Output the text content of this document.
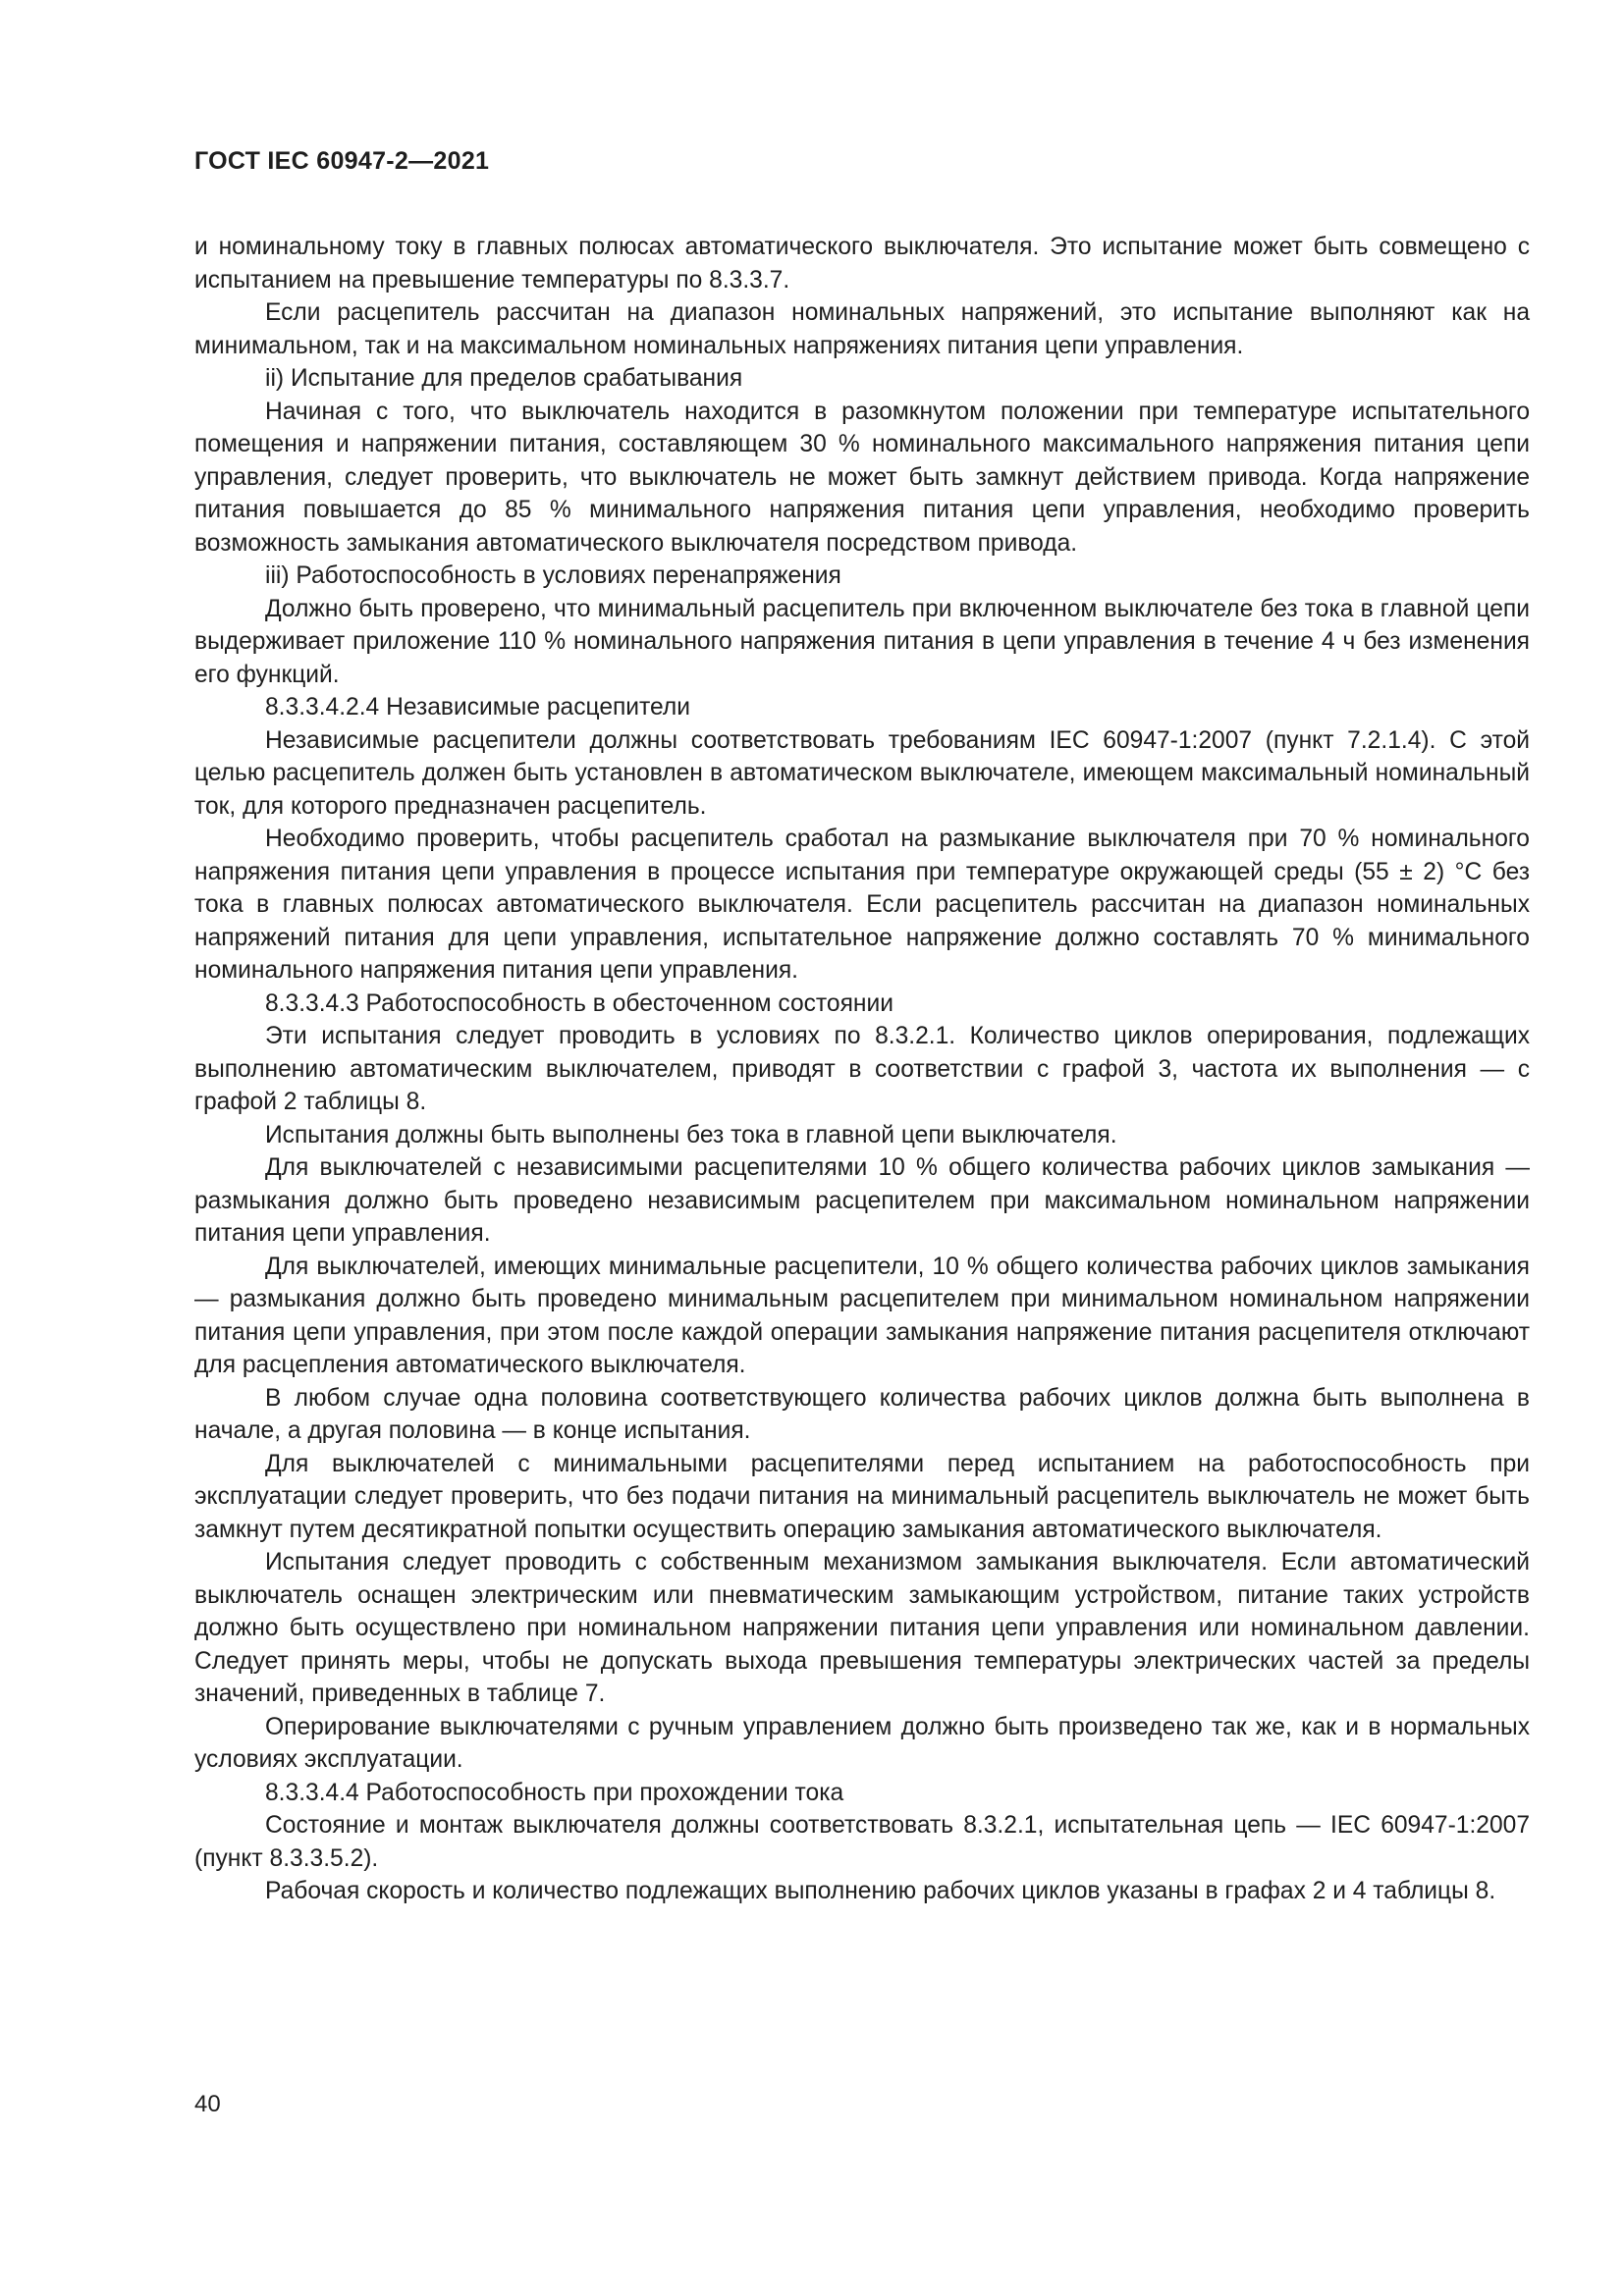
ГОСТ IEC 60947-2—2021

и номинальному току в главных полюсах автоматического выключателя. Это испытание может быть совмещено с испытанием на превышение температуры по 8.3.3.7.

Если расцепитель рассчитан на диапазон номинальных напряжений, это испытание выполняют как на минимальном, так и на максимальном номинальных напряжениях питания цепи управления.

ii) Испытание для пределов срабатывания

Начиная с того, что выключатель находится в разомкнутом положении при температуре испытательного помещения и напряжении питания, составляющем 30 % номинального максимального напряжения питания цепи управления, следует проверить, что выключатель не может быть замкнут действием привода. Когда напряжение питания повышается до 85 % минимального напряжения питания цепи управления, необходимо проверить возможность замыкания автоматического выключателя посредством привода.

iii) Работоспособность в условиях перенапряжения

Должно быть проверено, что минимальный расцепитель при включенном выключателе без тока в главной цепи выдерживает приложение 110 % номинального напряжения питания в цепи управления в течение 4 ч без изменения его функций.

8.3.3.4.2.4 Независимые расцепители

Независимые расцепители должны соответствовать требованиям IEC 60947-1:2007 (пункт 7.2.1.4). С этой целью расцепитель должен быть установлен в автоматическом выключателе, имеющем максимальный номинальный ток, для которого предназначен расцепитель.

Необходимо проверить, чтобы расцепитель сработал на размыкание выключателя при 70 % номинального напряжения питания цепи управления в процессе испытания при температуре окружающей среды (55 ± 2) °С без тока в главных полюсах автоматического выключателя. Если расцепитель рассчитан на диапазон номинальных напряжений питания для цепи управления, испытательное напряжение должно составлять 70 % минимального номинального напряжения питания цепи управления.

8.3.3.4.3 Работоспособность в обесточенном состоянии

Эти испытания следует проводить в условиях по 8.3.2.1. Количество циклов оперирования, подлежащих выполнению автоматическим выключателем, приводят в соответствии с графой 3, частота их выполнения — с графой 2 таблицы 8.

Испытания должны быть выполнены без тока в главной цепи выключателя.

Для выключателей с независимыми расцепителями 10 % общего количества рабочих циклов замыкания — размыкания должно быть проведено независимым расцепителем при максимальном номинальном напряжении питания цепи управления.

Для выключателей, имеющих минимальные расцепители, 10 % общего количества рабочих циклов замыкания — размыкания должно быть проведено минимальным расцепителем при минимальном номинальном напряжении питания цепи управления, при этом после каждой операции замыкания напряжение питания расцепителя отключают для расцепления автоматического выключателя.

В любом случае одна половина соответствующего количества рабочих циклов должна быть выполнена в начале, а другая половина — в конце испытания.

Для выключателей с минимальными расцепителями перед испытанием на работоспособность при эксплуатации следует проверить, что без подачи питания на минимальный расцепитель выключатель не может быть замкнут путем десятикратной попытки осуществить операцию замыкания автоматического выключателя.

Испытания следует проводить с собственным механизмом замыкания выключателя. Если автоматический выключатель оснащен электрическим или пневматическим замыкающим устройством, питание таких устройств должно быть осуществлено при номинальном напряжении питания цепи управления или номинальном давлении. Следует принять меры, чтобы не допускать выхода превышения температуры электрических частей за пределы значений, приведенных в таблице 7.

Оперирование выключателями с ручным управлением должно быть произведено так же, как и в нормальных условиях эксплуатации.

8.3.3.4.4 Работоспособность при прохождении тока

Состояние и монтаж выключателя должны соответствовать 8.3.2.1, испытательная цепь — IEC 60947-1:2007 (пункт 8.3.3.5.2).

Рабочая скорость и количество подлежащих выполнению рабочих циклов указаны в графах 2 и 4 таблицы 8.

40
